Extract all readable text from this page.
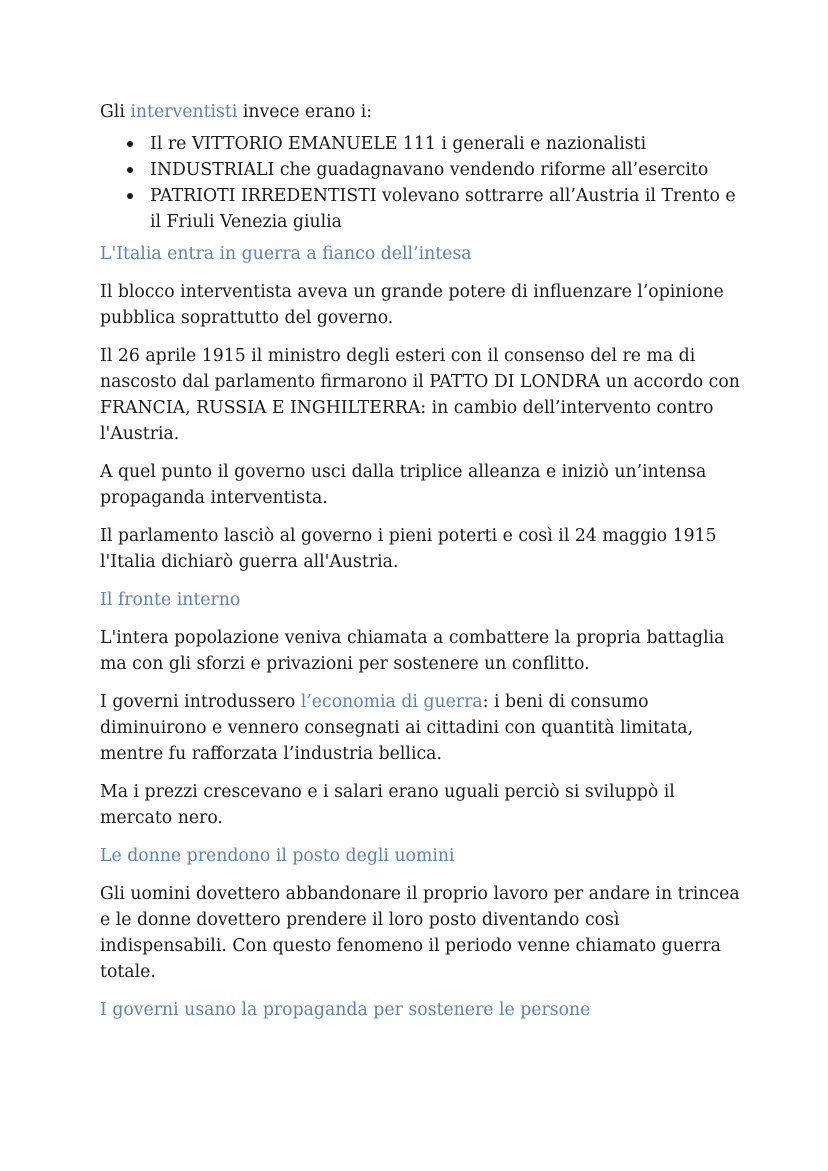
Gli interventisti invece erano i:

Il re VITTORIO EMANUELE 111 i generali e nazionalisti
INDUSTRIALI che guadagnavano vendendo riforme all’esercito
PATRIOTI IRREDENTISTI volevano sottrarre all’Austria il Trento e il Friuli Venezia giulia
L'Italia entra in guerra a fianco dell’intesa

Il blocco interventista aveva un grande potere di influenzare l’opinione pubblica soprattutto del governo.

Il 26 aprile 1915 il ministro degli esteri con il consenso del re ma di nascosto dal parlamento firmarono il PATTO DI LONDRA un accordo con FRANCIA, RUSSIA E INGHILTERRA: in cambio dell’intervento contro l'Austria.

A quel punto il governo usci dalla triplice alleanza e iniziò un’intensa propaganda interventista.

Il parlamento lasciò al governo i pieni poterti e così il 24 maggio 1915 l'Italia dichiarò guerra all'Austria.

Il fronte interno

L'intera popolazione veniva chiamata a combattere la propria battaglia ma con gli sforzi e privazioni per sostenere un conflitto.

I governi introdussero l’economia di guerra: i beni di consumo diminuirono e vennero consegnati ai cittadini con quantità limitata, mentre fu rafforzata l’industria bellica.

Ma i prezzi crescevano e i salari erano uguali perciò si sviluppò il mercato nero.

Le donne prendono il posto degli uomini

Gli uomini dovettero abbandonare il proprio lavoro per andare in trincea e le donne dovettero prendere il loro posto diventando così indispensabili. Con questo fenomeno il periodo venne chiamato guerra totale.

I governi usano la propaganda per sostenere le persone
